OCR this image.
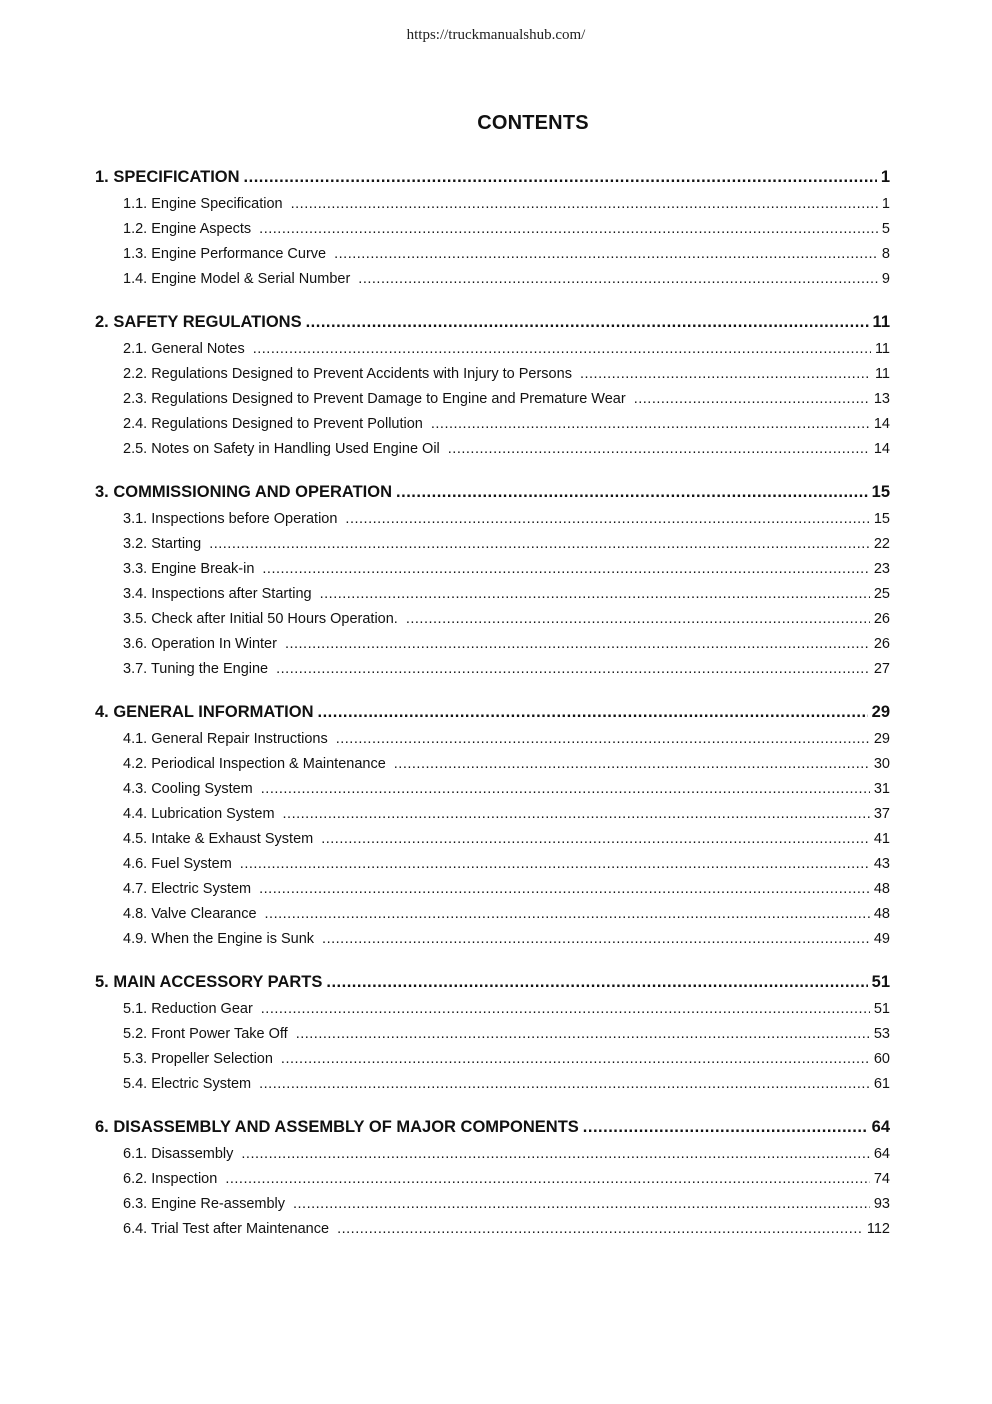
https://truckmanualshub.com/
CONTENTS
1. SPECIFICATION .....	1
1.1. Engine Specification .....	1
1.2. Engine Aspects .....	5
1.3. Engine Performance Curve .....	8
1.4. Engine Model & Serial Number .....	9
2. SAFETY REGULATIONS .....	11
2.1. General Notes .....	11
2.2. Regulations Designed to Prevent Accidents with Injury to Persons .....	11
2.3. Regulations Designed to Prevent Damage to Engine and Premature Wear .....	13
2.4. Regulations Designed to Prevent Pollution .....	14
2.5. Notes on Safety in Handling Used Engine Oil .....	14
3. COMMISSIONING AND OPERATION .....	15
3.1. Inspections before Operation .....	15
3.2. Starting .....	22
3.3. Engine Break-in .....	23
3.4. Inspections after Starting .....	25
3.5. Check after Initial 50 Hours Operation. .....	26
3.6. Operation In Winter .....	26
3.7. Tuning the Engine .....	27
4. GENERAL INFORMATION .....	29
4.1. General Repair Instructions .....	29
4.2. Periodical Inspection & Maintenance .....	30
4.3. Cooling System .....	31
4.4. Lubrication System .....	37
4.5. Intake & Exhaust System .....	41
4.6. Fuel System .....	43
4.7. Electric System .....	48
4.8. Valve Clearance .....	48
4.9. When the Engine is Sunk .....	49
5. MAIN ACCESSORY PARTS .....	51
5.1. Reduction Gear .....	51
5.2. Front Power Take Off .....	53
5.3. Propeller Selection .....	60
5.4. Electric System .....	61
6. DISASSEMBLY AND ASSEMBLY OF MAJOR COMPONENTS .....	64
6.1. Disassembly .....	64
6.2. Inspection .....	74
6.3. Engine Re-assembly .....	93
6.4. Trial Test after Maintenance .....	112
